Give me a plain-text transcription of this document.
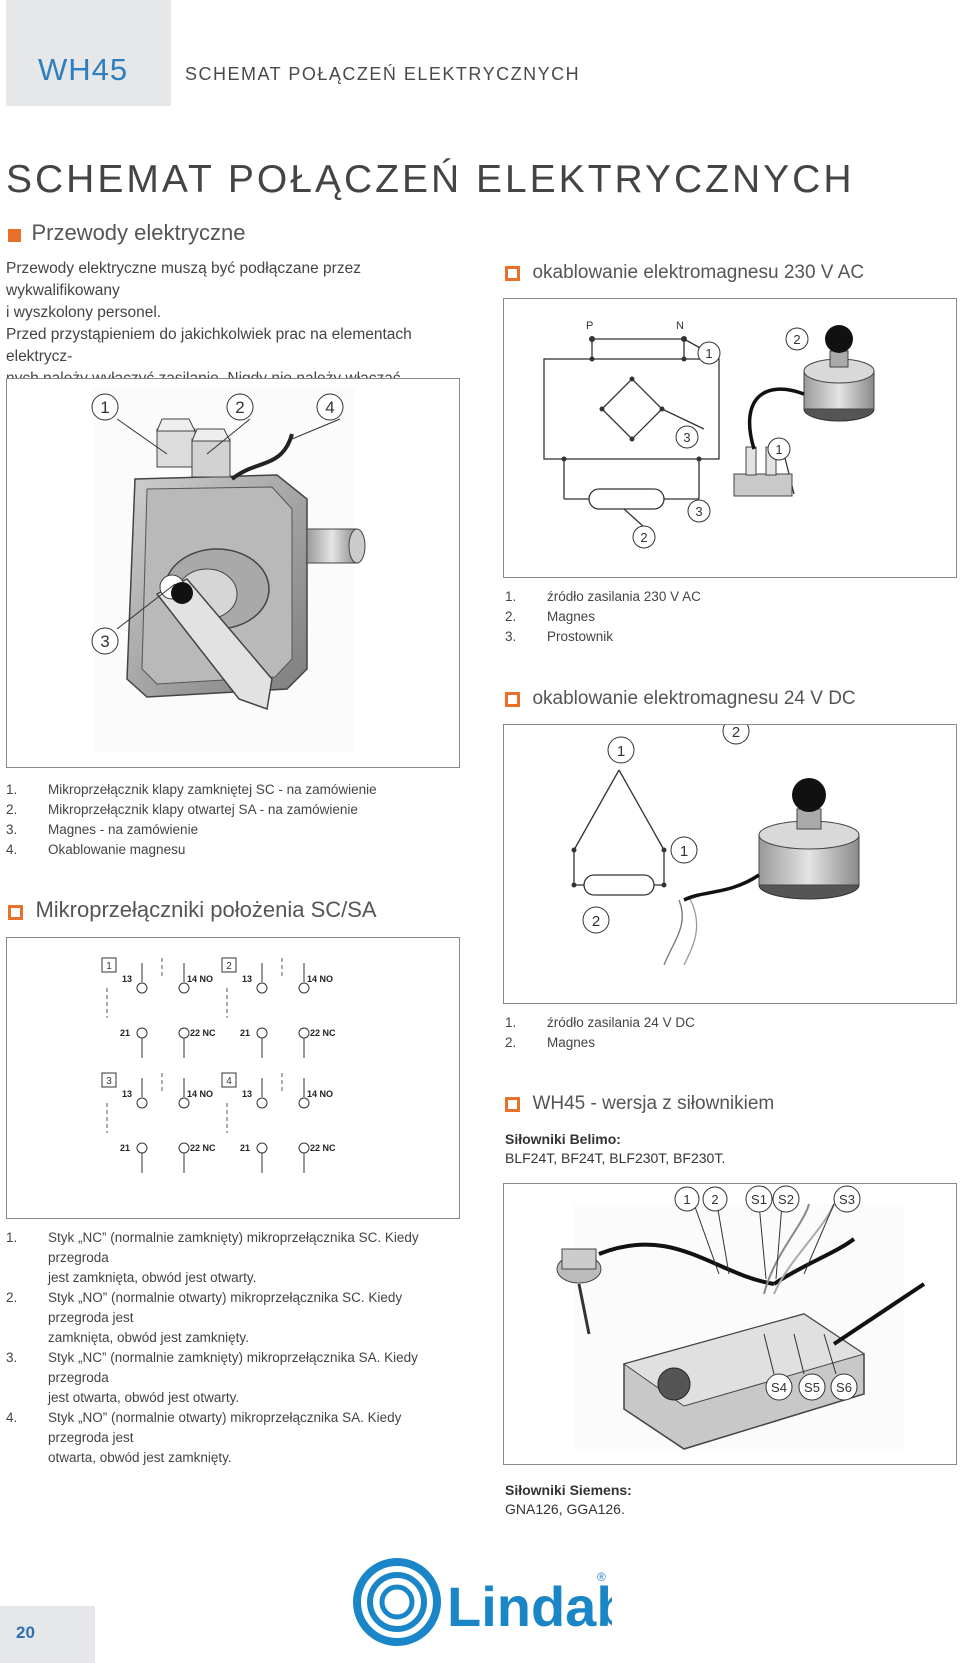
WH45	SCHEMAT POŁĄCZEŃ ELEKTRYCZNYCH
SCHEMAT POŁĄCZEŃ ELEKTRYCZNYCH
Przewody elektryczne
Przewody elektryczne muszą być podłączane przez wykwalifikowany
i wyszkolony personel.
Przed przystąpieniem do jakichkolwiek prac na elementach elektrycz-
1	2	4
3
1.	Mikroprzełącznik klapy zamkniętej SC - na zamówienie
2.	Mikroprzełącznik klapy otwartej SA - na zamówienie
3.	Magnes - na zamówienie
4.	Okablowanie magnesu
Mikroprzełączniki położenia SC/SA
1
13	14 NO
21	22 NC
2
13	14 NO
21	22 NC
3
13	14 NO
21	22 NC
4
13	14 NO
21	22 NC
1.	Styk „NC” (normalnie zamknięty) mikroprzełącznika SC. Kiedy przegroda
jest zamknięta, obwód jest otwarty.
2.	Styk „NO” (normalnie otwarty) mikroprzełącznika SC. Kiedy przegroda jest
zamknięta, obwód jest zamknięty.
3.	Styk „NC” (normalnie zamknięty) mikroprzełącznika SA. Kiedy przegroda
jest otwarta, obwód jest otwarty.
4.	Styk „NO” (normalnie otwarty) mikroprzełącznika SA. Kiedy przegroda jest
otwarta, obwód jest zamknięty.
okablowanie elektromagnesu 230 V AC
P	N
1
2
3
1
3
2
1.	źródło zasilania 230 V AC
2.	Magnes
3.	Prostownik
okablowanie elektromagnesu 24 V DC
1
2
1
2
1.	źródło zasilania 24 V DC
2.	Magnes
WH45 - wersja z siłownikiem
Siłowniki Belimo:
BLF24T, BF24T, BLF230T, BF230T.
1 2 S1 S2	S3
S4 S5 S6
Siłowniki Siemens:
GNA126, GGA126.
Linda ®
20
